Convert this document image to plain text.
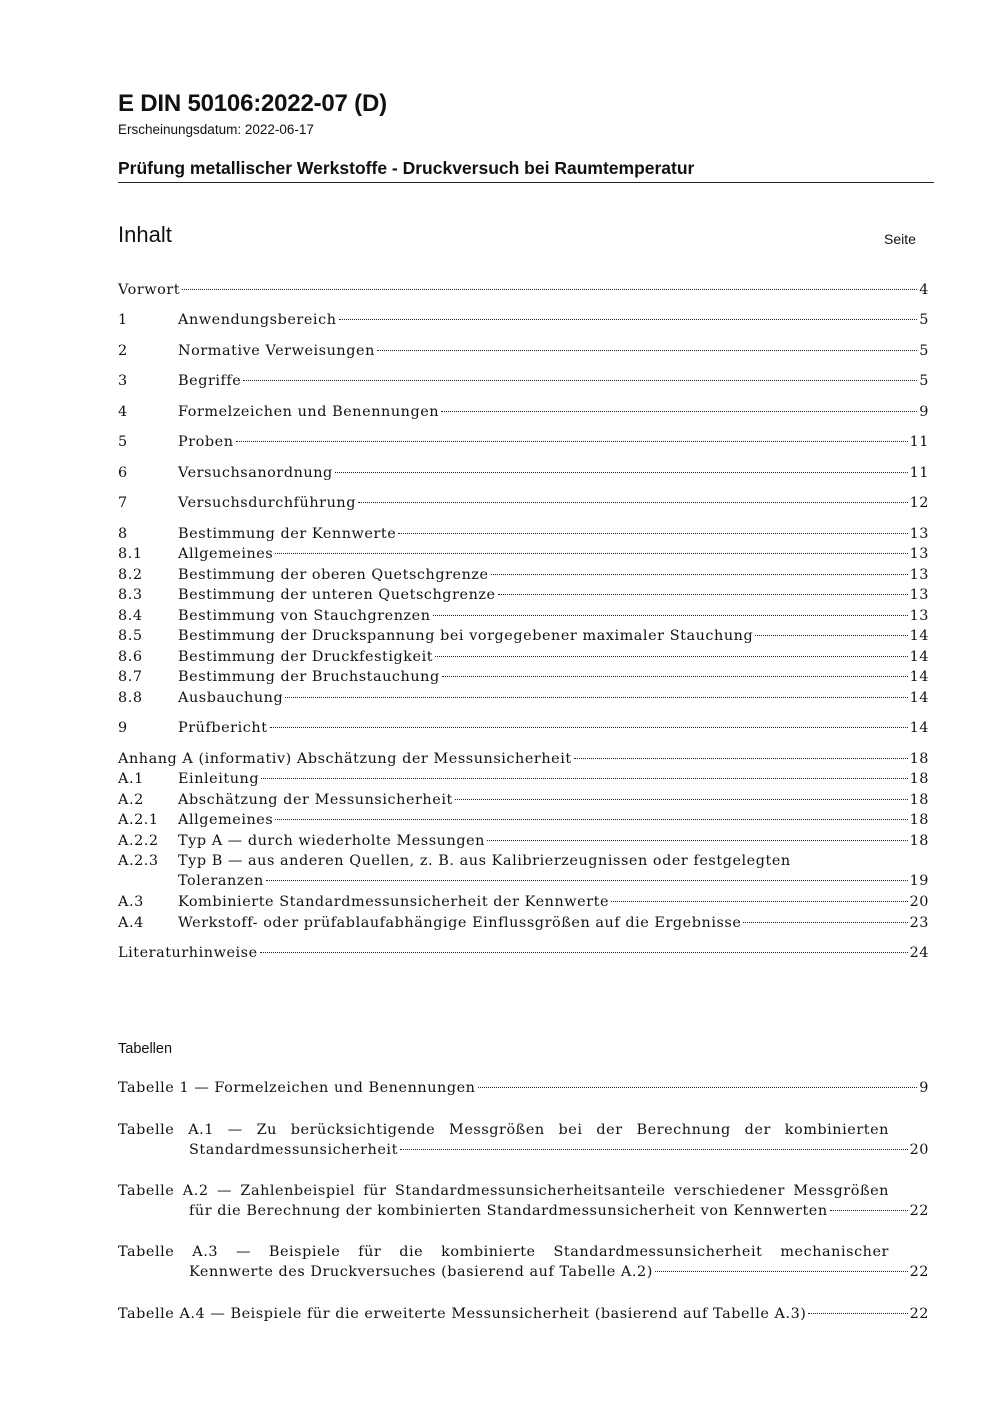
E DIN 50106:2022-07 (D)
Erscheinungsdatum: 2022-06-17
Prüfung metallischer Werkstoffe - Druckversuch bei Raumtemperatur
Inhalt	Seite
Vorwort	4
1	Anwendungsbereich	5
2	Normative Verweisungen	5
3	Begriffe	5
4	Formelzeichen und Benennungen	9
5	Proben	11
6	Versuchsanordnung	11
7	Versuchsdurchführung	12
8	Bestimmung der Kennwerte	13
8.1	Allgemeines	13
8.2	Bestimmung der oberen Quetschgrenze	13
8.3	Bestimmung der unteren Quetschgrenze	13
8.4	Bestimmung von Stauchgrenzen	13
8.5	Bestimmung der Druckspannung bei vorgegebener maximaler Stauchung	14
8.6	Bestimmung der Druckfestigkeit	14
8.7	Bestimmung der Bruchstauchung	14
8.8	Ausbauchung	14
9	Prüfbericht	14
Anhang A (informativ) Abschätzung der Messunsicherheit	18
A.1	Einleitung	18
A.2	Abschätzung der Messunsicherheit	18
A.2.1	Allgemeines	18
A.2.2	Typ A — durch wiederholte Messungen	18
A.2.3	Typ B — aus anderen Quellen, z. B. aus Kalibrierzeugnissen oder festgelegten
Toleranzen	19
A.3	Kombinierte Standardmessunsicherheit der Kennwerte	20
A.4	Werkstoff- oder prüfablaufabhängige Einflussgrößen auf die Ergebnisse	23
Literaturhinweise	24
Tabellen
Tabelle 1 — Formelzeichen und Benennungen	9
Tabelle A.1 — Zu berücksichtigende Messgrößen bei der Berechnung der kombinierten
Standardmessunsicherheit	20
Tabelle A.2 — Zahlenbeispiel für Standardmessunsicherheitsanteile verschiedener Messgrößen
für die Berechnung der kombinierten Standardmessunsicherheit von Kennwerten	22
Tabelle A.3 — Beispiele für die kombinierte Standardmessunsicherheit mechanischer
Kennwerte des Druckversuches (basierend auf Tabelle A.2)	22
Tabelle A.4 — Beispiele für die erweiterte Messunsicherheit (basierend auf Tabelle A.3)	22
